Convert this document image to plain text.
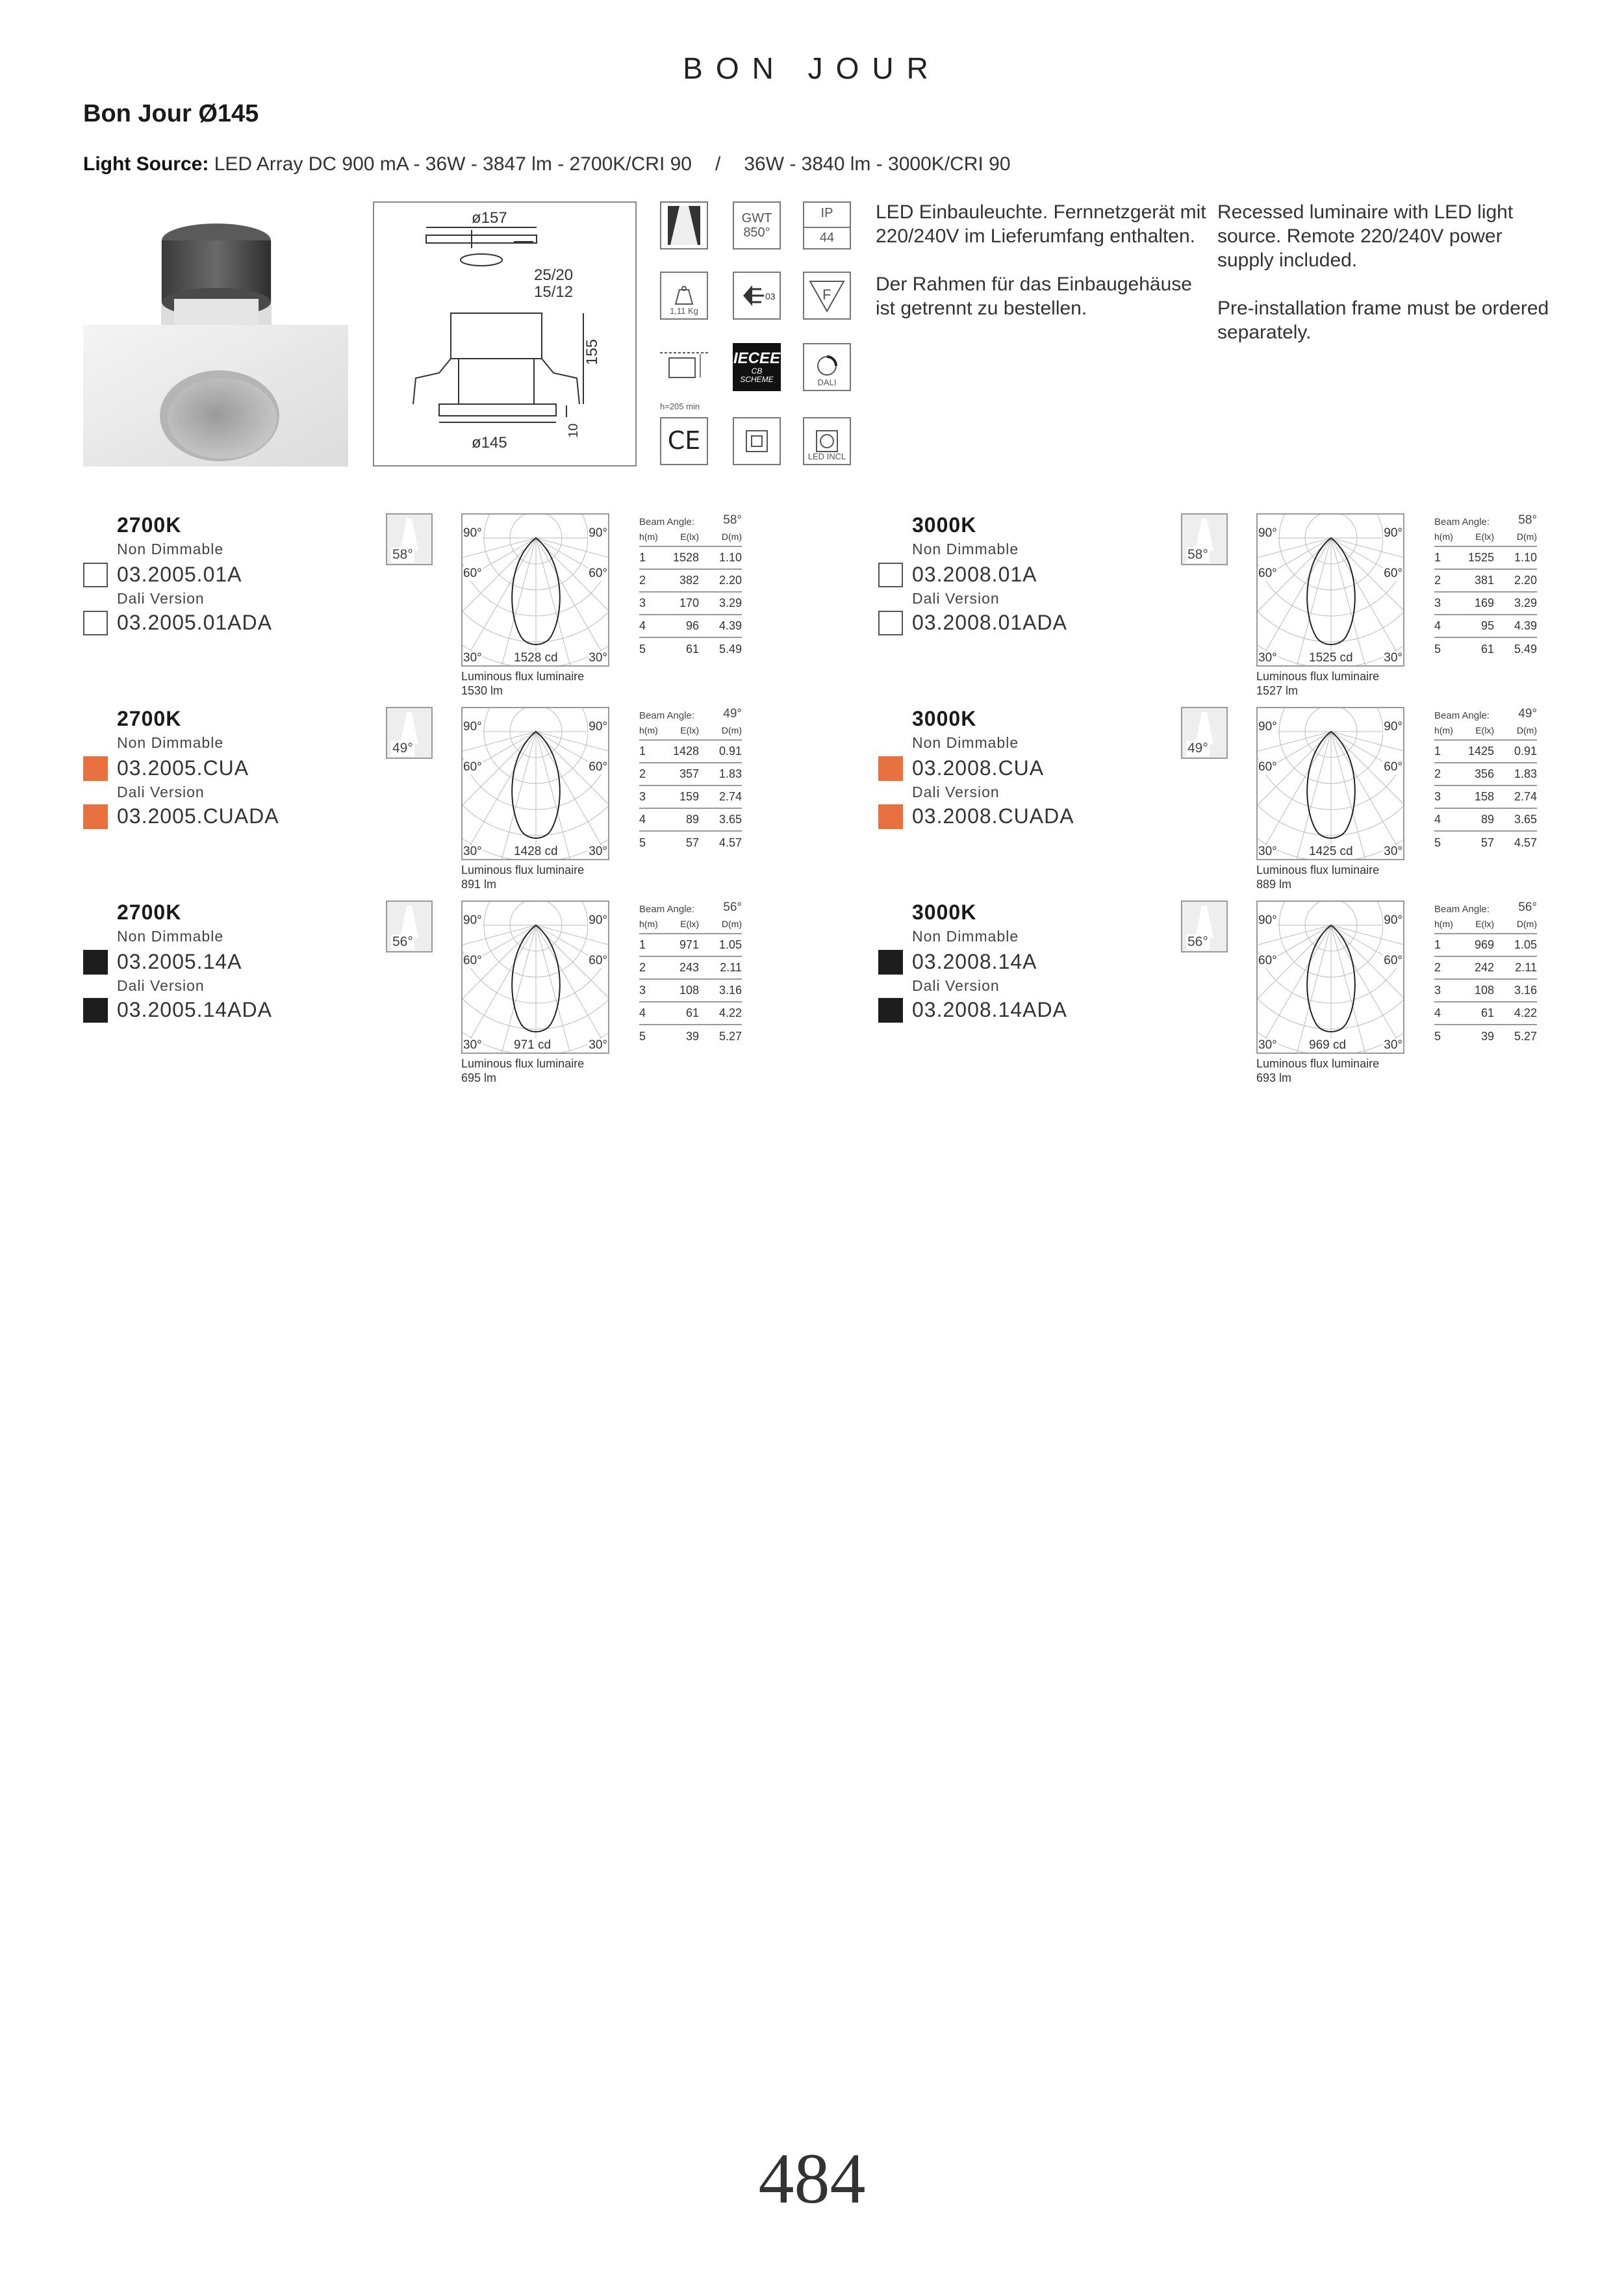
BON JOUR
Bon Jour Ø145
Light Source: LED Array DC 900 mA - 36W - 3847 lm - 2700K/CRI 90 / 36W - 3840 lm - 3000K/CRI 90
ø157
25/20
15/12
155
10
ø145
GWT
850°
IP
44
1,11 Kg
03	F
h=205 min
IECEE
CB
SCHEME	DALI
CE
LED INCL
LED Einbauleuchte. Fernnetzgerät mit 220/240V im Lieferumfang enthalten.

Der Rahmen für das Einbaugehäuse ist getrennt zu bestellen.
Recessed luminaire with LED light source. Remote 220/240V power supply included.

Pre-installation frame must be ordered separately.
2700K
Non Dimmable
03.2005.01A
Dali Version
03.2005.01ADA
58°
90°	90°
60°	60°
30°	30°
1528 cd
Luminous flux luminaire
1530 lm
Beam Angle: 58°
h(m)	E(lx)	D(m)
1	1528	1.10
2	382	2.20
3	170	3.29
4	96	4.39
5	61	5.49
3000K
Non Dimmable
03.2008.01A
Dali Version
03.2008.01ADA
58°
90°	90°
60°	60°
30°	30°
1525 cd
Luminous flux luminaire
1527 lm
Beam Angle: 58°
h(m)	E(lx)	D(m)
1	1525	1.10
2	381	2.20
3	169	3.29
4	95	4.39
5	61	5.49
2700K
Non Dimmable
03.2005.CUA
Dali Version
03.2005.CUADA
49°
90°	90°
60°	60°
30°	30°
1428 cd
Luminous flux luminaire
891 lm
Beam Angle: 49°
h(m)	E(lx)	D(m)
1	1428	0.91
2	357	1.83
3	159	2.74
4	89	3.65
5	57	4.57
3000K
Non Dimmable
03.2008.CUA
Dali Version
03.2008.CUADA
49°
90°	90°
60°	60°
30°	30°
1425 cd
Luminous flux luminaire
889 lm
Beam Angle: 49°
h(m)	E(lx)	D(m)
1	1425	0.91
2	356	1.83
3	158	2.74
4	89	3.65
5	57	4.57
2700K
Non Dimmable
03.2005.14A
Dali Version
03.2005.14ADA
56°
90°	90°
60°	60°
30°	30°
971 cd
Luminous flux luminaire
695 lm
Beam Angle: 56°
h(m)	E(lx)	D(m)
1	971	1.05
2	243	2.11
3	108	3.16
4	61	4.22
5	39	5.27
3000K
Non Dimmable
03.2008.14A
Dali Version
03.2008.14ADA
56°
90°	90°
60°	60°
30°	30°
969 cd
Luminous flux luminaire
693 lm
Beam Angle: 56°
h(m)	E(lx)	D(m)
1	969	1.05
2	242	2.11
3	108	3.16
4	61	4.22
5	39	5.27
484
